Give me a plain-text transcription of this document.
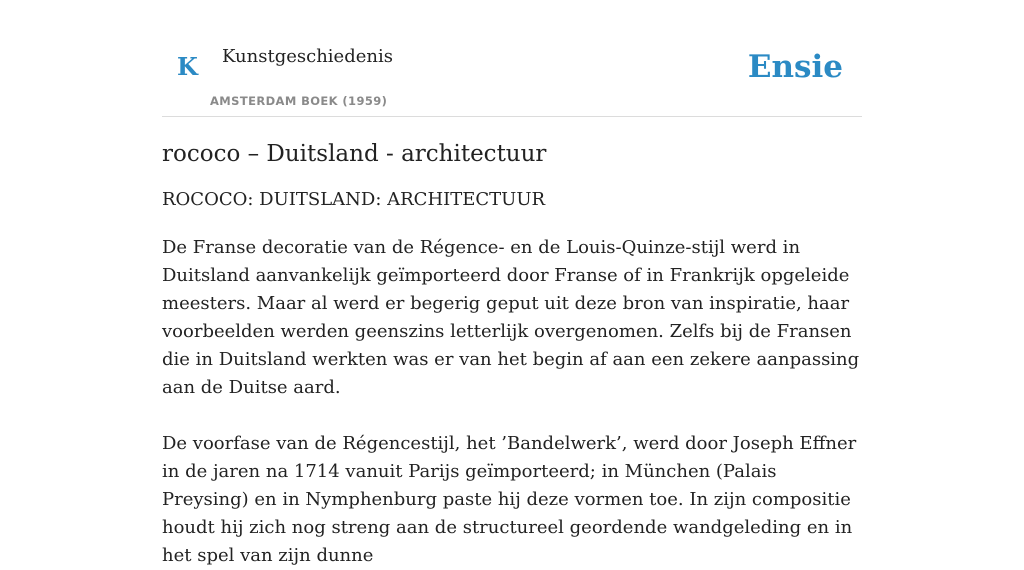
K Kunstgeschiedenis
AMSTERDAM BOEK (1959)
Ensie
rococo – Duitsland - architectuur
ROCOCO: DUITSLAND: ARCHITECTUUR

De Franse decoratie van de Régence- en de Louis-Quinze-stijl werd in Duitsland aanvankelijk geïmporteerd door Franse of in Frankrijk opgeleide meesters. Maar al werd er begerig geput uit deze bron van inspiratie, haar voorbeelden werden geenszins letterlijk overgenomen. Zelfs bij de Fransen die in Duitsland werkten was er van het begin af aan een zekere aanpassing aan de Duitse aard.

De voorfase van de Régencestijl, het ’Bandelwerk’, werd door Joseph Effner in de jaren na 1714 vanuit Parijs geïmporteerd; in München (Palais Preysing) en in Nymphenburg paste hij deze vormen toe. In zijn compositie houdt hij zich nog streng aan de structureel geordende wandgeleding en in het spel van zijn dunne
